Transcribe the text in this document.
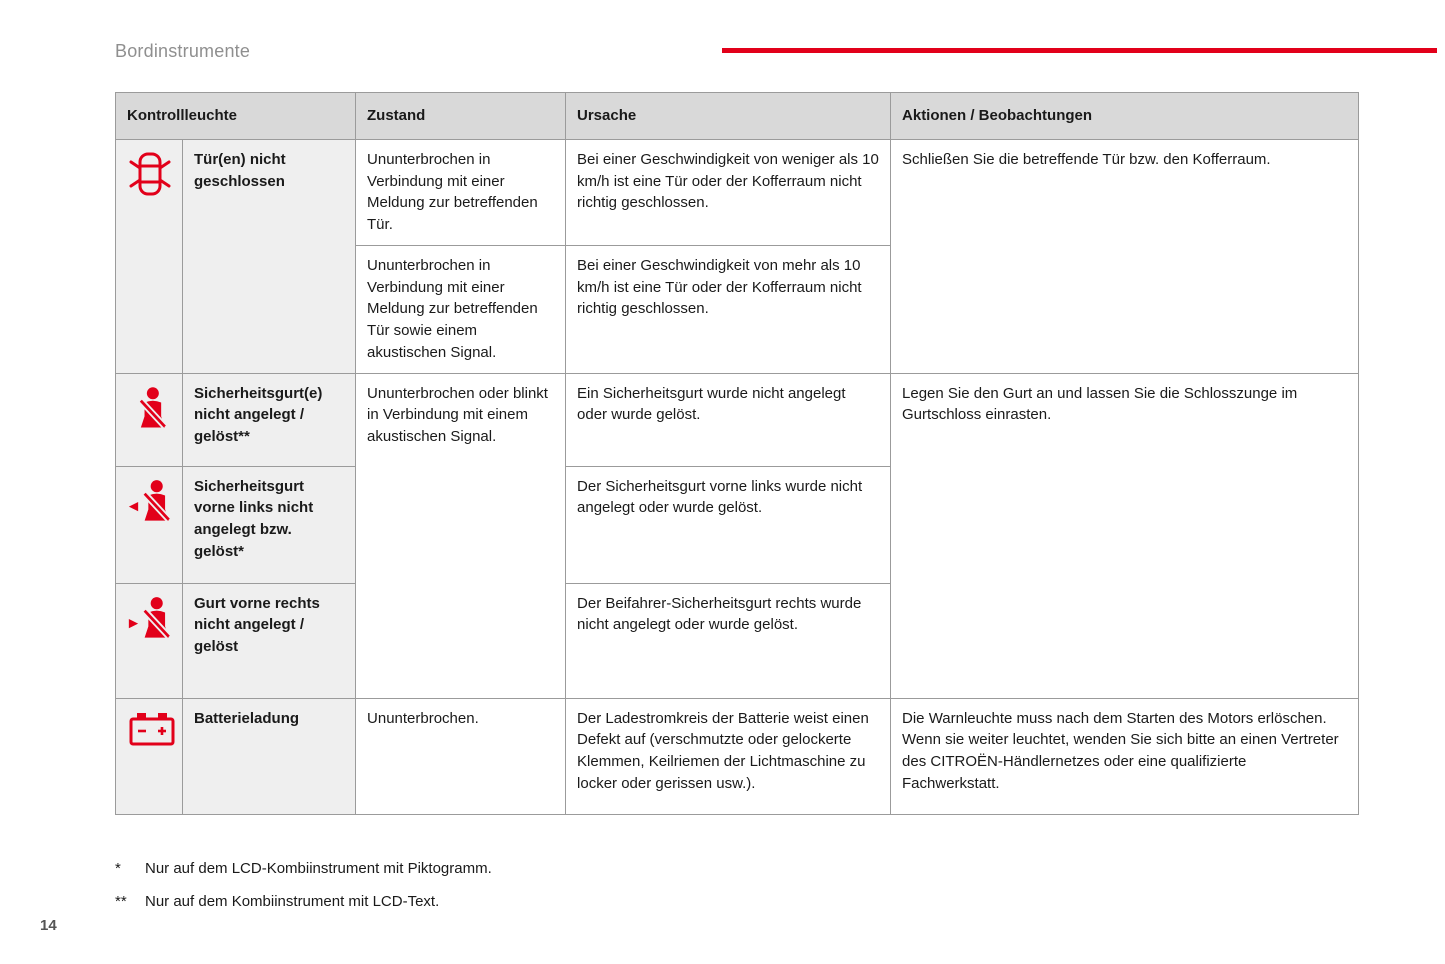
Bordinstrumente
Kontrollleuchte		Zustand	Ursache	Aktionen / Beobachtungen
	Tür(en) nicht geschlossen	Ununterbrochen in Verbindung mit einer Meldung zur betreffenden Tür.	Bei einer Geschwindigkeit von weniger als 10 km/h ist eine Tür oder der Kofferraum nicht richtig geschlossen.	Schließen Sie die betreffende Tür bzw. den Kofferraum.
		Ununterbrochen in Verbindung mit einer Meldung zur betreffenden Tür sowie einem akustischen Signal.	Bei einer Geschwindigkeit von mehr als 10 km/h ist eine Tür oder der Kofferraum nicht richtig geschlossen.	
	Sicherheitsgurt(e) nicht angelegt / gelöst**	Ununterbrochen oder blinkt in Verbindung mit einem akustischen Signal.	Ein Sicherheitsgurt wurde nicht angelegt oder wurde gelöst.	Legen Sie den Gurt an und lassen Sie die Schlosszunge im Gurtschloss einrasten.
	Sicherheitsgurt vorne links nicht angelegt bzw. gelöst*		Der Sicherheitsgurt vorne links wurde nicht angelegt oder wurde gelöst.	
	Gurt vorne rechts nicht angelegt / gelöst		Der Beifahrer-Sicherheitsgurt rechts wurde nicht angelegt oder wurde gelöst.	
	Batterieladung	Ununterbrochen.	Der Ladestromkreis der Batterie weist einen Defekt auf (verschmutzte oder gelockerte Klemmen, Keilriemen der Lichtmaschine zu locker oder gerissen usw.).	Die Warnleuchte muss nach dem Starten des Motors erlöschen. Wenn sie weiter leuchtet, wenden Sie sich bitte an einen Vertreter des CITROËN-Händlernetzes oder eine qualifizierte Fachwerkstatt.
*	Nur auf dem LCD-Kombiinstrument mit Piktogramm.
**	Nur auf dem Kombiinstrument mit LCD-Text.
14
